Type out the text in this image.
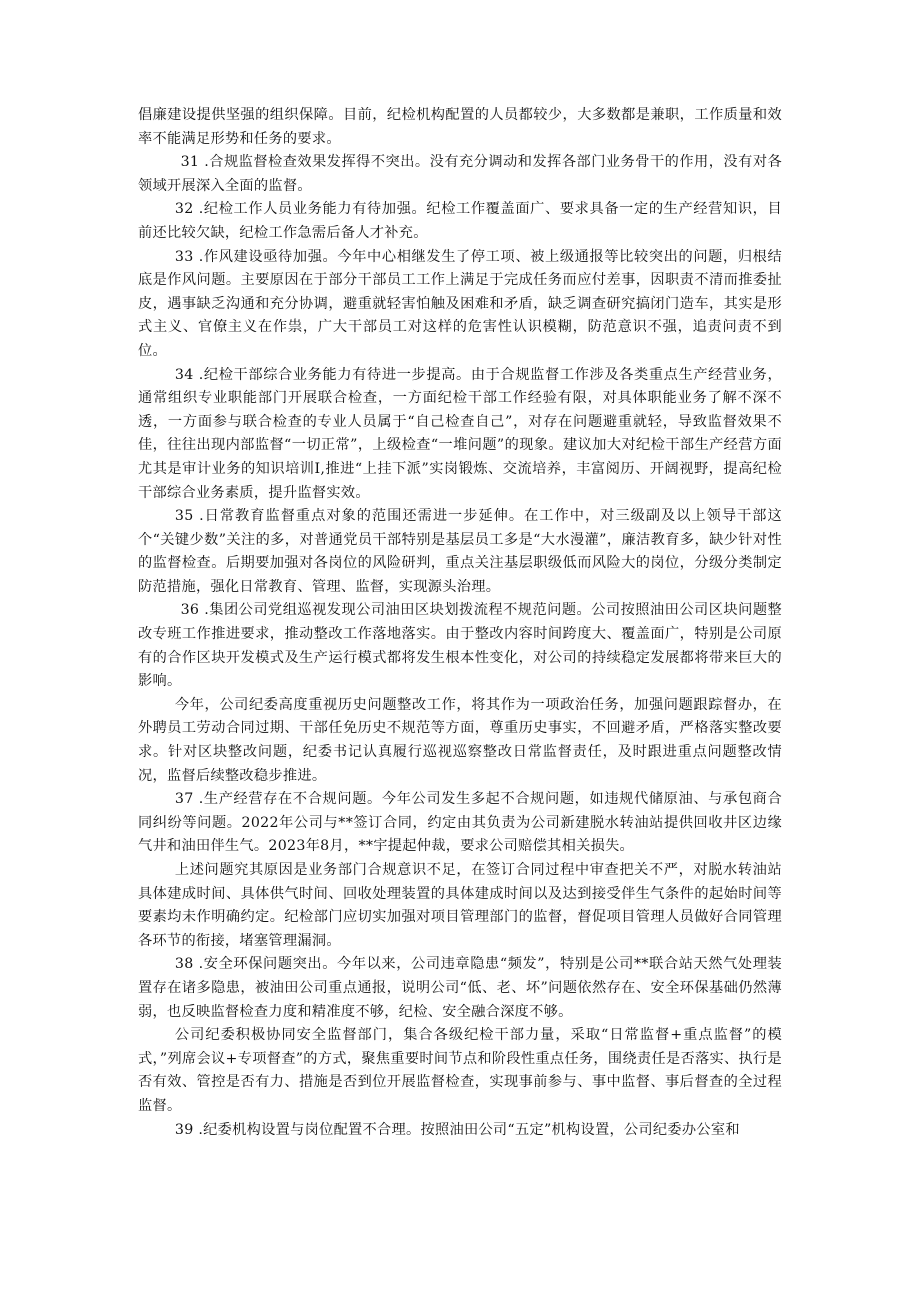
倡廉建设提供坚强的组织保障。目前，纪检机构配置的人员都较少，大多数都是兼职，工作质量和效率不能满足形势和任务的要求。

31 .合规监督检查效果发挥得不突出。没有充分调动和发挥各部门业务骨干的作用，没有对各领域开展深入全面的监督。

32 .纪检工作人员业务能力有待加强。纪检工作覆盖面广、要求具备一定的生产经营知识，目前还比较欠缺，纪检工作急需后备人才补充。

33 .作风建设亟待加强。今年中心相继发生了停工项、被上级通报等比较突出的问题，归根结底是作风问题。主要原因在于部分干部员工工作上满足于完成任务而应付差事，因职责不清而推委扯皮，遇事缺乏沟通和充分协调，避重就轻害怕触及困难和矛盾，缺乏调查研究搞闭门造车，其实是形式主义、官僚主义在作祟，广大干部员工对这样的危害性认识模糊，防范意识不强，追责问责不到位。

34 .纪检干部综合业务能力有待进一步提高。由于合规监督工作涉及各类重点生产经营业务，通常组织专业职能部门开展联合检查，一方面纪检干部工作经验有限，对具体职能业务了解不深不透，一方面参与联合检查的专业人员属于“自己检查自己”，对存在问题避重就轻，导致监督效果不佳，往往出现内部监督“一切正常”，上级检查“一堆问题”的现象。建议加大对纪检干部生产经营方面尤其是审计业务的知识培训I,推进“上挂下派”实岗锻炼、交流培养，丰富阅历、开阔视野，提高纪检干部综合业务素质，提升监督实效。

35 .日常教育监督重点对象的范围还需进一步延伸。在工作中，对三级副及以上领导干部这个“关键少数”关注的多，对普通党员干部特别是基层员工多是“大水漫灌”，廉洁教育多，缺少针对性的监督检查。后期要加强对各岗位的风险研判，重点关注基层职级低而风险大的岗位，分级分类制定防范措施，强化日常教育、管理、监督，实现源头治理。

36 .集团公司党组巡视发现公司油田区块划拨流程不规范问题。公司按照油田公司区块问题整改专班工作推进要求，推动整改工作落地落实。由于整改内容时间跨度大、覆盖面广，特别是公司原有的合作区块开发模式及生产运行模式都将发生根本性变化，对公司的持续稳定发展都将带来巨大的影响。

今年，公司纪委高度重视历史问题整改工作，将其作为一项政治任务，加强问题跟踪督办，在外聘员工劳动合同过期、干部任免历史不规范等方面，尊重历史事实，不回避矛盾，严格落实整改要求。针对区块整改问题，纪委书记认真履行巡视巡察整改日常监督责任，及时跟进重点问题整改情况，监督后续整改稳步推进。

37 .生产经营存在不合规问题。今年公司发生多起不合规问题，如违规代储原油、与承包商合同纠纷等问题。2022年公司与**签订合同，约定由其负责为公司新建脱水转油站提供回收井区边缘气井和油田伴生气。2023年8月，**宇提起仲裁，要求公司赔偿其相关损失。

上述问题究其原因是业务部门合规意识不足，在签订合同过程中审查把关不严，对脱水转油站具体建成时间、具体供气时间、回收处理装置的具体建成时间以及达到接受伴生气条件的起始时间等要素均未作明确约定。纪检部门应切实加强对项目管理部门的监督，督促项目管理人员做好合同管理各环节的衔接，堵塞管理漏洞。

38 .安全环保问题突出。今年以来，公司违章隐患“频发”，特别是公司**联合站天然气处理装置存在诸多隐患，被油田公司重点通报，说明公司“低、老、坏”问题依然存在、安全环保基础仍然薄弱，也反映监督检查力度和精准度不够，纪检、安全融合深度不够。

公司纪委积极协同安全监督部门，集合各级纪检干部力量，采取“日常监督+重点监督”的模式，”列席会议+专项督查”的方式，聚焦重要时间节点和阶段性重点任务，围绕责任是否落实、执行是否有效、管控是否有力、措施是否到位开展监督检查，实现事前参与、事中监督、事后督查的全过程监督。

39 .纪委机构设置与岗位配置不合理。按照油田公司“五定”机构设置，公司纪委办公室和
